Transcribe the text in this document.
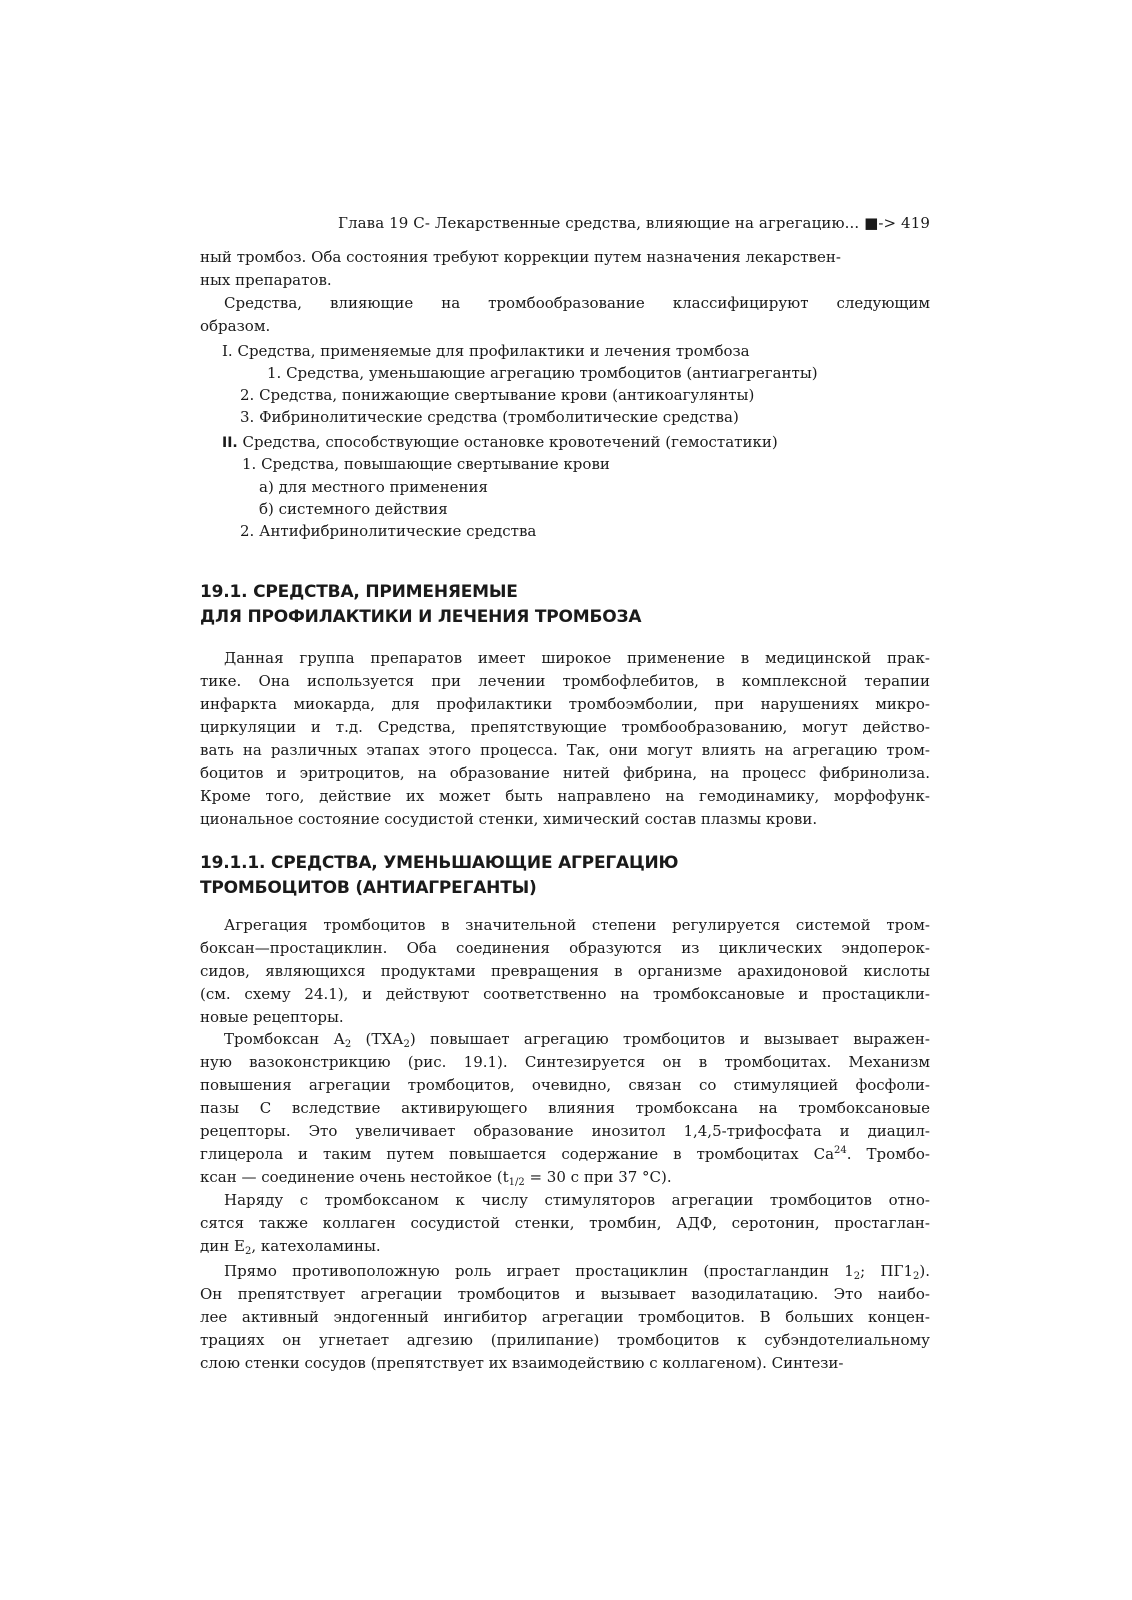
Глава 19 С- Лекарственные средства, влияющие на агрегацию... ■-> 419
ный тромбоз. Оба состояния требуют коррекции путем назначения лекарствен-
ных препаратов.
Средства, влияющие на тромбообразование классифицируют следующим
образом.
I. Средства, применяемые для профилактики и лечения тромбоза
1. Средства, уменьшающие агрегацию тромбоцитов (антиагреганты)
2. Средства, понижающие свертывание крови (антикоагулянты)
3. Фибринолитические средства (тромболитические средства)
II. Средства, способствующие остановке кровотечений (гемостатики)
1. Средства, повышающие свертывание крови
а) для местного применения
б) системного действия
2. Антифибринолитические средства
19.1. СРЕДСТВА, ПРИМЕНЯЕМЫЕ
ДЛЯ ПРОФИЛАКТИКИ И ЛЕЧЕНИЯ ТРОМБОЗА
Данная группа препаратов имеет широкое применение в медицинской прак-
тике. Она используется при лечении тромбофлебитов, в комплексной терапии
инфаркта миокарда, для профилактики тромбоэмболии, при нарушениях микро-
циркуляции и т.д. Средства, препятствующие тромбообразованию, могут действо-
вать на различных этапах этого процесса. Так, они могут влиять на агрегацию тром-
боцитов и эритроцитов, на образование нитей фибрина, на процесс фибринолиза.
Кроме того, действие их может быть направлено на гемодинамику, морфофунк-
циональное состояние сосудистой стенки, химический состав плазмы крови.
19.1.1. СРЕДСТВА, УМЕНЬШАЮЩИЕ АГРЕГАЦИЮ
ТРОМБОЦИТОВ (АНТИАГРЕГАНТЫ)
Агрегация тромбоцитов в значительной степени регулируется системой тром-
боксан—простациклин. Оба соединения образуются из циклических эндоперок-
сидов, являющихся продуктами превращения в организме арахидоновой кислоты
(см. схему 24.1), и действуют соответственно на тромбоксановые и простацикли-
новые рецепторы.
Тромбоксан $А_2$ $(ТХА_2)$ повышает агрегацию тромбоцитов и вызывает выражен-
ную вазоконстрикцию (рис. 19.1). Синтезируется он в тромбоцитах. Механизм
повышения агрегации тромбоцитов, очевидно, связан со стимуляцией фосфоли-
пазы С вследствие активирующего влияния тромбоксана на тромбоксановые
рецепторы. Это увеличивает образование инозитол 1,4,5-трифосфата и диацил-
глицерола и таким путем повышается содержание в тромбоцитах $Са^{24}$. Тромбо-
ксан — соединение очень нестойкое ($t_{1/2} = 30$ с при 37 °С).
Наряду с тромбоксаном к числу стимуляторов агрегации тромбоцитов отно-
сятся также коллаген сосудистой стенки, тромбин, АДФ, серотонин, простаглан-
дин $Е_2$, катехоламины.
Прямо противоположную роль играет простациклин (простагландин $1_2$; $ПГ1_2$).
Он препятствует агрегации тромбоцитов и вызывает вазодилатацию. Это наибо-
лее активный эндогенный ингибитор агрегации тромбоцитов. В больших концен-
трациях он угнетает адгезию (прилипание) тромбоцитов к субэндотелиальному
слою стенки сосудов (препятствует их взаимодействию с коллагеном). Синтези-
